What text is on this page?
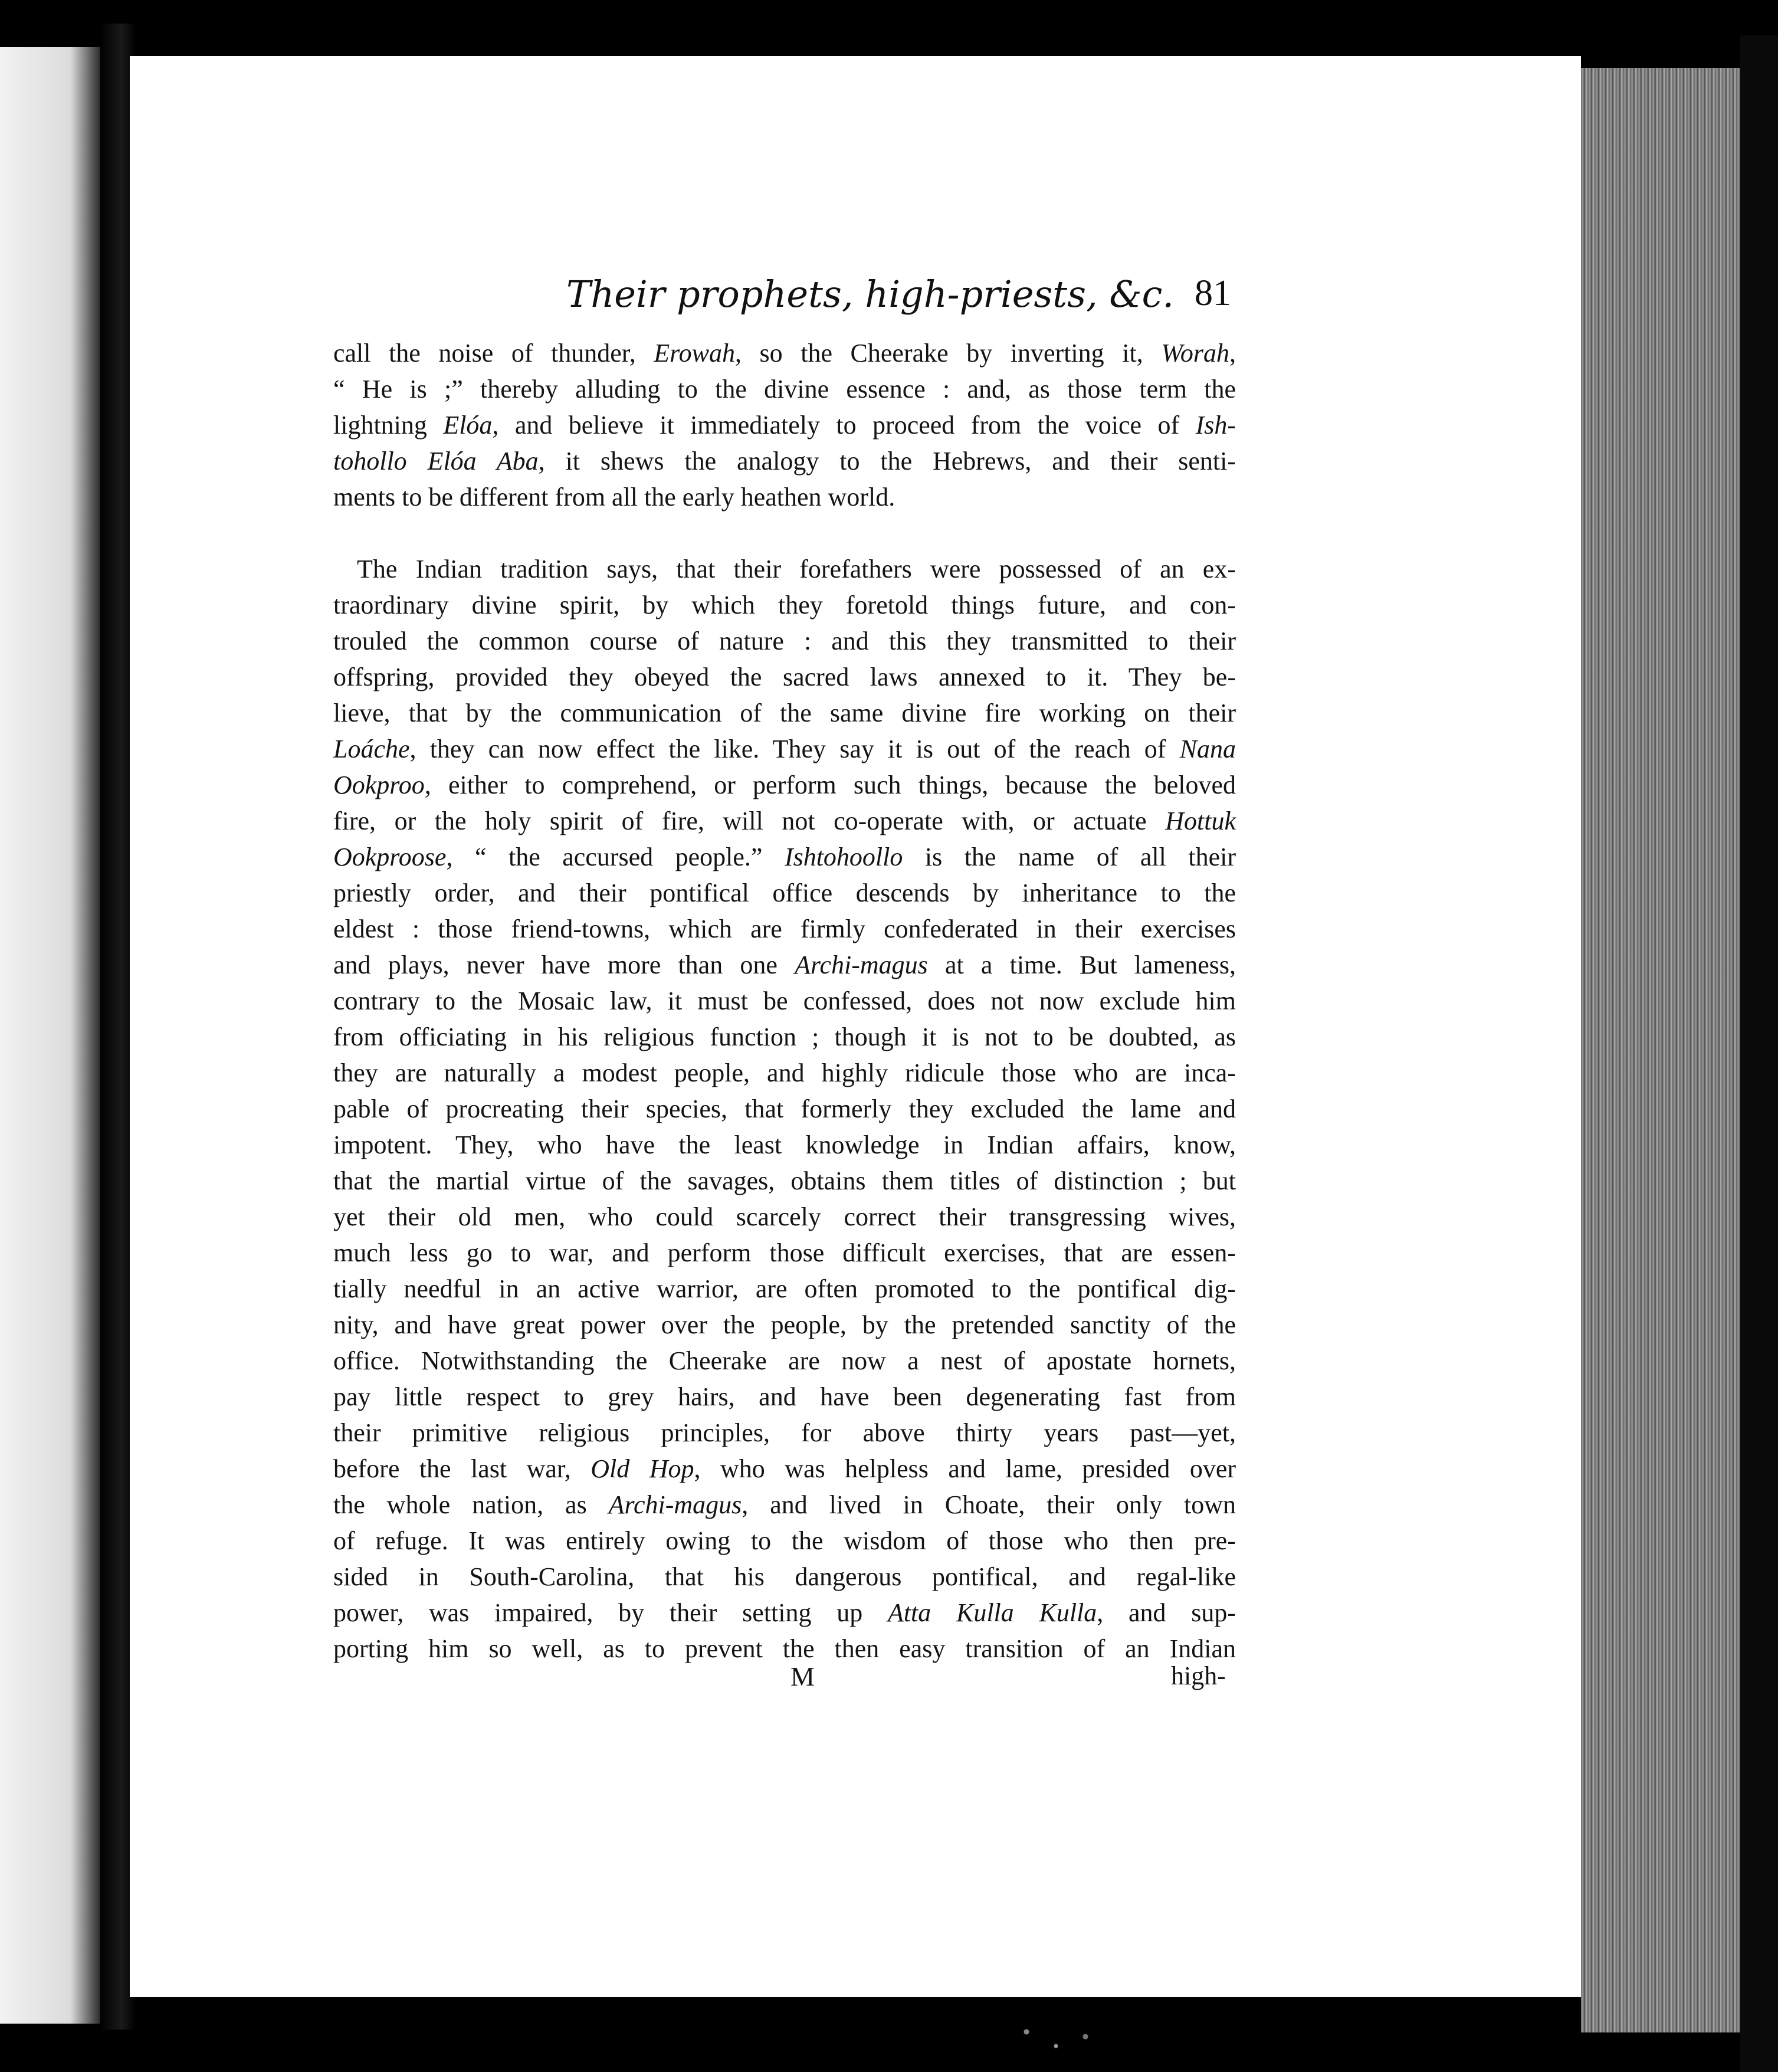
Their prophets, high-priests, &c. 81
call the noise of thunder, Erowah, so the Cheerake by inverting it, Worah,
“ He is ;” thereby alluding to the divine essence : and, as those term the
lightning Elóa, and believe it immediately to proceed from the voice of Ish-
tohollo Elóa Aba, it shews the analogy to the Hebrews, and their senti-
ments to be different from all the early heathen world.
The Indian tradition says, that their forefathers were possessed of an ex-
traordinary divine spirit, by which they foretold things future, and con-
trouled the common course of nature : and this they transmitted to their
offspring, provided they obeyed the sacred laws annexed to it. They be-
lieve, that by the communication of the same divine fire working on their
Loáche, they can now effect the like. They say it is out of the reach of Nana
Ookproo, either to comprehend, or perform such things, because the beloved
fire, or the holy spirit of fire, will not co-operate with, or actuate Hottuk
Ookproose, “ the accursed people.” Ishtohoollo is the name of all their
priestly order, and their pontifical office descends by inheritance to the
eldest : those friend-towns, which are firmly confederated in their exercises
and plays, never have more than one Archi-magus at a time. But lameness,
contrary to the Mosaic law, it must be confessed, does not now exclude him
from officiating in his religious function ; though it is not to be doubted, as
they are naturally a modest people, and highly ridicule those who are inca-
pable of procreating their species, that formerly they excluded the lame and
impotent. They, who have the least knowledge in Indian affairs, know,
that the martial virtue of the savages, obtains them titles of distinction ; but
yet their old men, who could scarcely correct their transgressing wives,
much less go to war, and perform those difficult exercises, that are essen-
tially needful in an active warrior, are often promoted to the pontifical dig-
nity, and have great power over the people, by the pretended sanctity of the
office. Notwithstanding the Cheerake are now a nest of apostate hornets,
pay little respect to grey hairs, and have been degenerating fast from
their primitive religious principles, for above thirty years past—yet,
before the last war, Old Hop, who was helpless and lame, presided over
the whole nation, as Archi-magus, and lived in Choate, their only town
of refuge. It was entirely owing to the wisdom of those who then pre-
sided in South-Carolina, that his dangerous pontifical, and regal-like
power, was impaired, by their setting up Atta Kulla Kulla, and sup-
porting him so well, as to prevent the then easy transition of an Indian
M	high-
